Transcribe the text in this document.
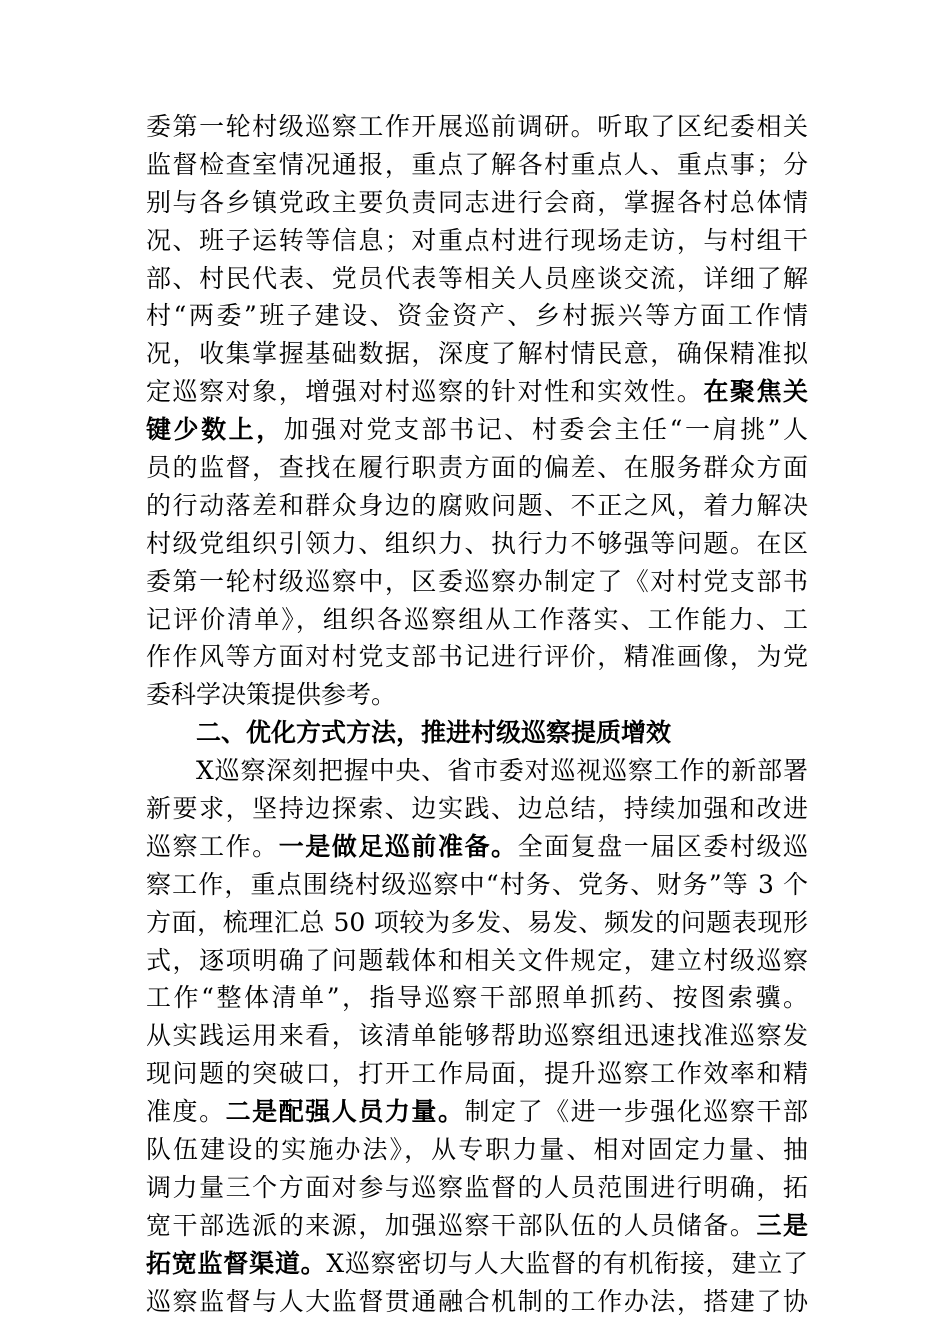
委第一轮村级巡察工作开展巡前调研。听取了区纪委相关
监督检查室情况通报，重点了解各村重点人、重点事；分
别与各乡镇党政主要负责同志进行会商，掌握各村总体情
况、班子运转等信息；对重点村进行现场走访，与村组干
部、村民代表、党员代表等相关人员座谈交流，详细了解
村“两委”班子建设、资金资产、乡村振兴等方面工作情
况，收集掌握基础数据，深度了解村情民意，确保精准拟
定巡察对象，增强对村巡察的针对性和实效性。在聚焦关
键少数上，加强对党支部书记、村委会主任“一肩挑”人
员的监督，查找在履行职责方面的偏差、在服务群众方面
的行动落差和群众身边的腐败问题、不正之风，着力解决
村级党组织引领力、组织力、执行力不够强等问题。在区
委第一轮村级巡察中，区委巡察办制定了《对村党支部书
记评价清单》，组织各巡察组从工作落实、工作能力、工
作作风等方面对村党支部书记进行评价，精准画像，为党
委科学决策提供参考。
二、优化方式方法，推进村级巡察提质增效
X巡察深刻把握中央、省市委对巡视巡察工作的新部署
新要求，坚持边探索、边实践、边总结，持续加强和改进
巡察工作。一是做足巡前准备。全面复盘一届区委村级巡
察工作，重点围绕村级巡察中“村务、党务、财务”等 3 个
方面，梳理汇总 50 项较为多发、易发、频发的问题表现形
式，逐项明确了问题载体和相关文件规定，建立村级巡察
工作“整体清单”，指导巡察干部照单抓药、按图索骥。
从实践运用来看，该清单能够帮助巡察组迅速找准巡察发
现问题的突破口，打开工作局面，提升巡察工作效率和精
准度。二是配强人员力量。制定了《进一步强化巡察干部
队伍建设的实施办法》，从专职力量、相对固定力量、抽
调力量三个方面对参与巡察监督的人员范围进行明确，拓
宽干部选派的来源，加强巡察干部队伍的人员储备。三是
拓宽监督渠道。X巡察密切与人大监督的有机衔接，建立了
巡察监督与人大监督贯通融合机制的工作办法，搭建了协
